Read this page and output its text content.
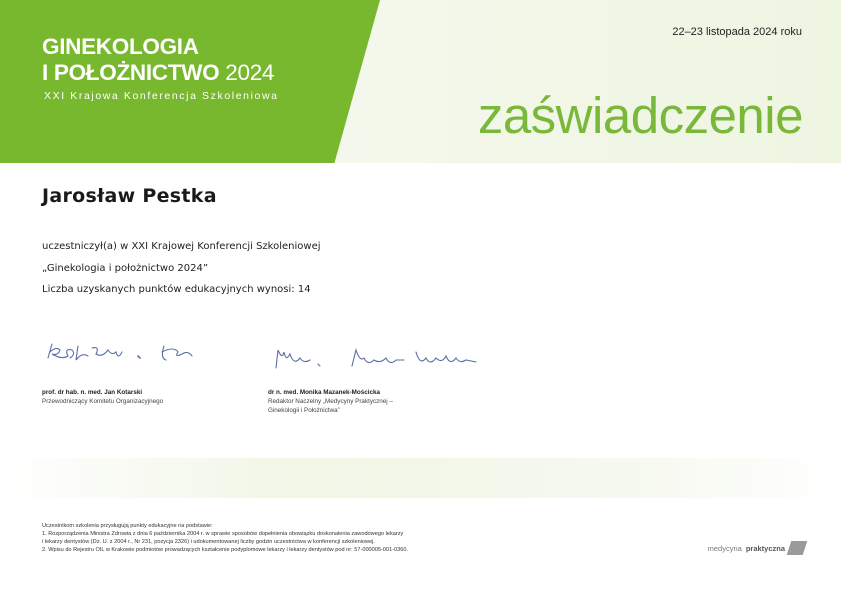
GINEKOLOGIA
I POŁOŻNICTWO 2024
XXI Krajowa Konferencja Szkoleniowa
22–23 listopada 2024 roku
zaświadczenie
Jarosław Pestka
uczestniczył(a) w XXI Krajowej Konferencji Szkoleniowej
„Ginekologia i położnictwo 2024”
Liczba uzyskanych punktów edukacyjnych wynosi: 14
prof. dr hab. n. med. Jan Kotarski
Przewodniczący Komitetu Organizacyjnego
dr n. med. Monika Mazanek-Mościcka
Redaktor Naczelny „Medycyny Praktycznej –
Ginekologii i Położnictwa”
Uczestnikom szkolenia przysługują punkty edukacyjne na podstawie:
1. Rozporządzenia Ministra Zdrowia z dnia 6 października 2004 r. w sprawie sposobów dopełnienia obowiązku doskonalenia zawodowego lekarzy
i lekarzy dentystów (Dz. U. z 2004 r., Nr 231, pozycja 2326) i udokumentowanej liczby godzin uczestnictwa w konferencji szkoleniowej.
2. Wpisu do Rejestru OIL w Krakowie podmiotów prowadzących kształcenie podyplomowe lekarzy i lekarzy dentystów pod nr: 57-000005-001-0360.	medycyna praktyczna
